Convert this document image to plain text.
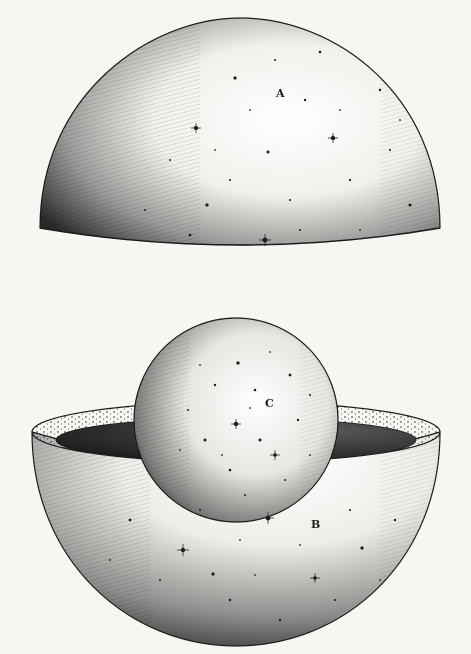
A
C
B
